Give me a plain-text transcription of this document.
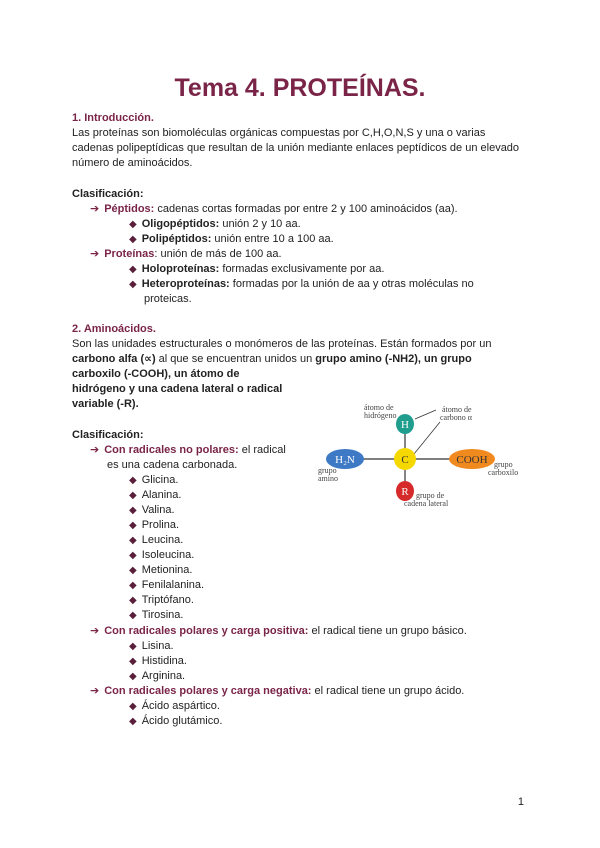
Tema 4. PROTEÍNAS.
1. Introducción.
Las proteínas son biomoléculas orgánicas compuestas por C,H,O,N,S y una o varias
cadenas polipeptídicas que resultan de la unión mediante enlaces peptídicos de un elevado
número de aminoácidos.
Clasificación:
➔ Péptidos: cadenas cortas formadas por entre 2 y 100 aminoácidos (aa).
◆ Oligopéptidos: unión 2 y 10 aa.
◆ Polipéptidos: unión entre 10 a 100 aa.
➔ Proteínas: unión de más de 100 aa.
◆ Holoproteínas: formadas exclusivamente por aa.
◆ Heteroproteínas: formadas por la unión de aa y otras moléculas no
proteicas.
2. Aminoácidos.
Son las unidades estructurales o monómeros de las proteínas. Están formados por un
carbono alfa (∝) al que se encuentran unidos un grupo amino (-NH2), un grupo
carboxilo (-COOH), un átomo de
hidrógeno y una cadena lateral o radical
variable (-R).
Clasificación:
➔ Con radicales no polares: el radical
es una cadena carbonada.
◆ Glicina.
◆ Alanina.
◆ Valina.
◆ Prolina.
◆ Leucina.
◆ Isoleucina.
◆ Metionina.
◆ Fenilalanina.
◆ Triptófano.
◆ Tirosina.
➔ Con radicales polares y carga positiva: el radical tiene un grupo básico.
◆ Lisina.
◆ Histidina.
◆ Arginina.
➔ Con radicales polares y carga negativa: el radical tiene un grupo ácido.
◆ Ácido aspártico.
◆ Ácido glutámico.
H
H₂N	C	COOH
R
átomo de
hidrógeno
átomo de
carbono α
grupo
amino
grupo
carboxilo
grupo de
cadena lateral
1
